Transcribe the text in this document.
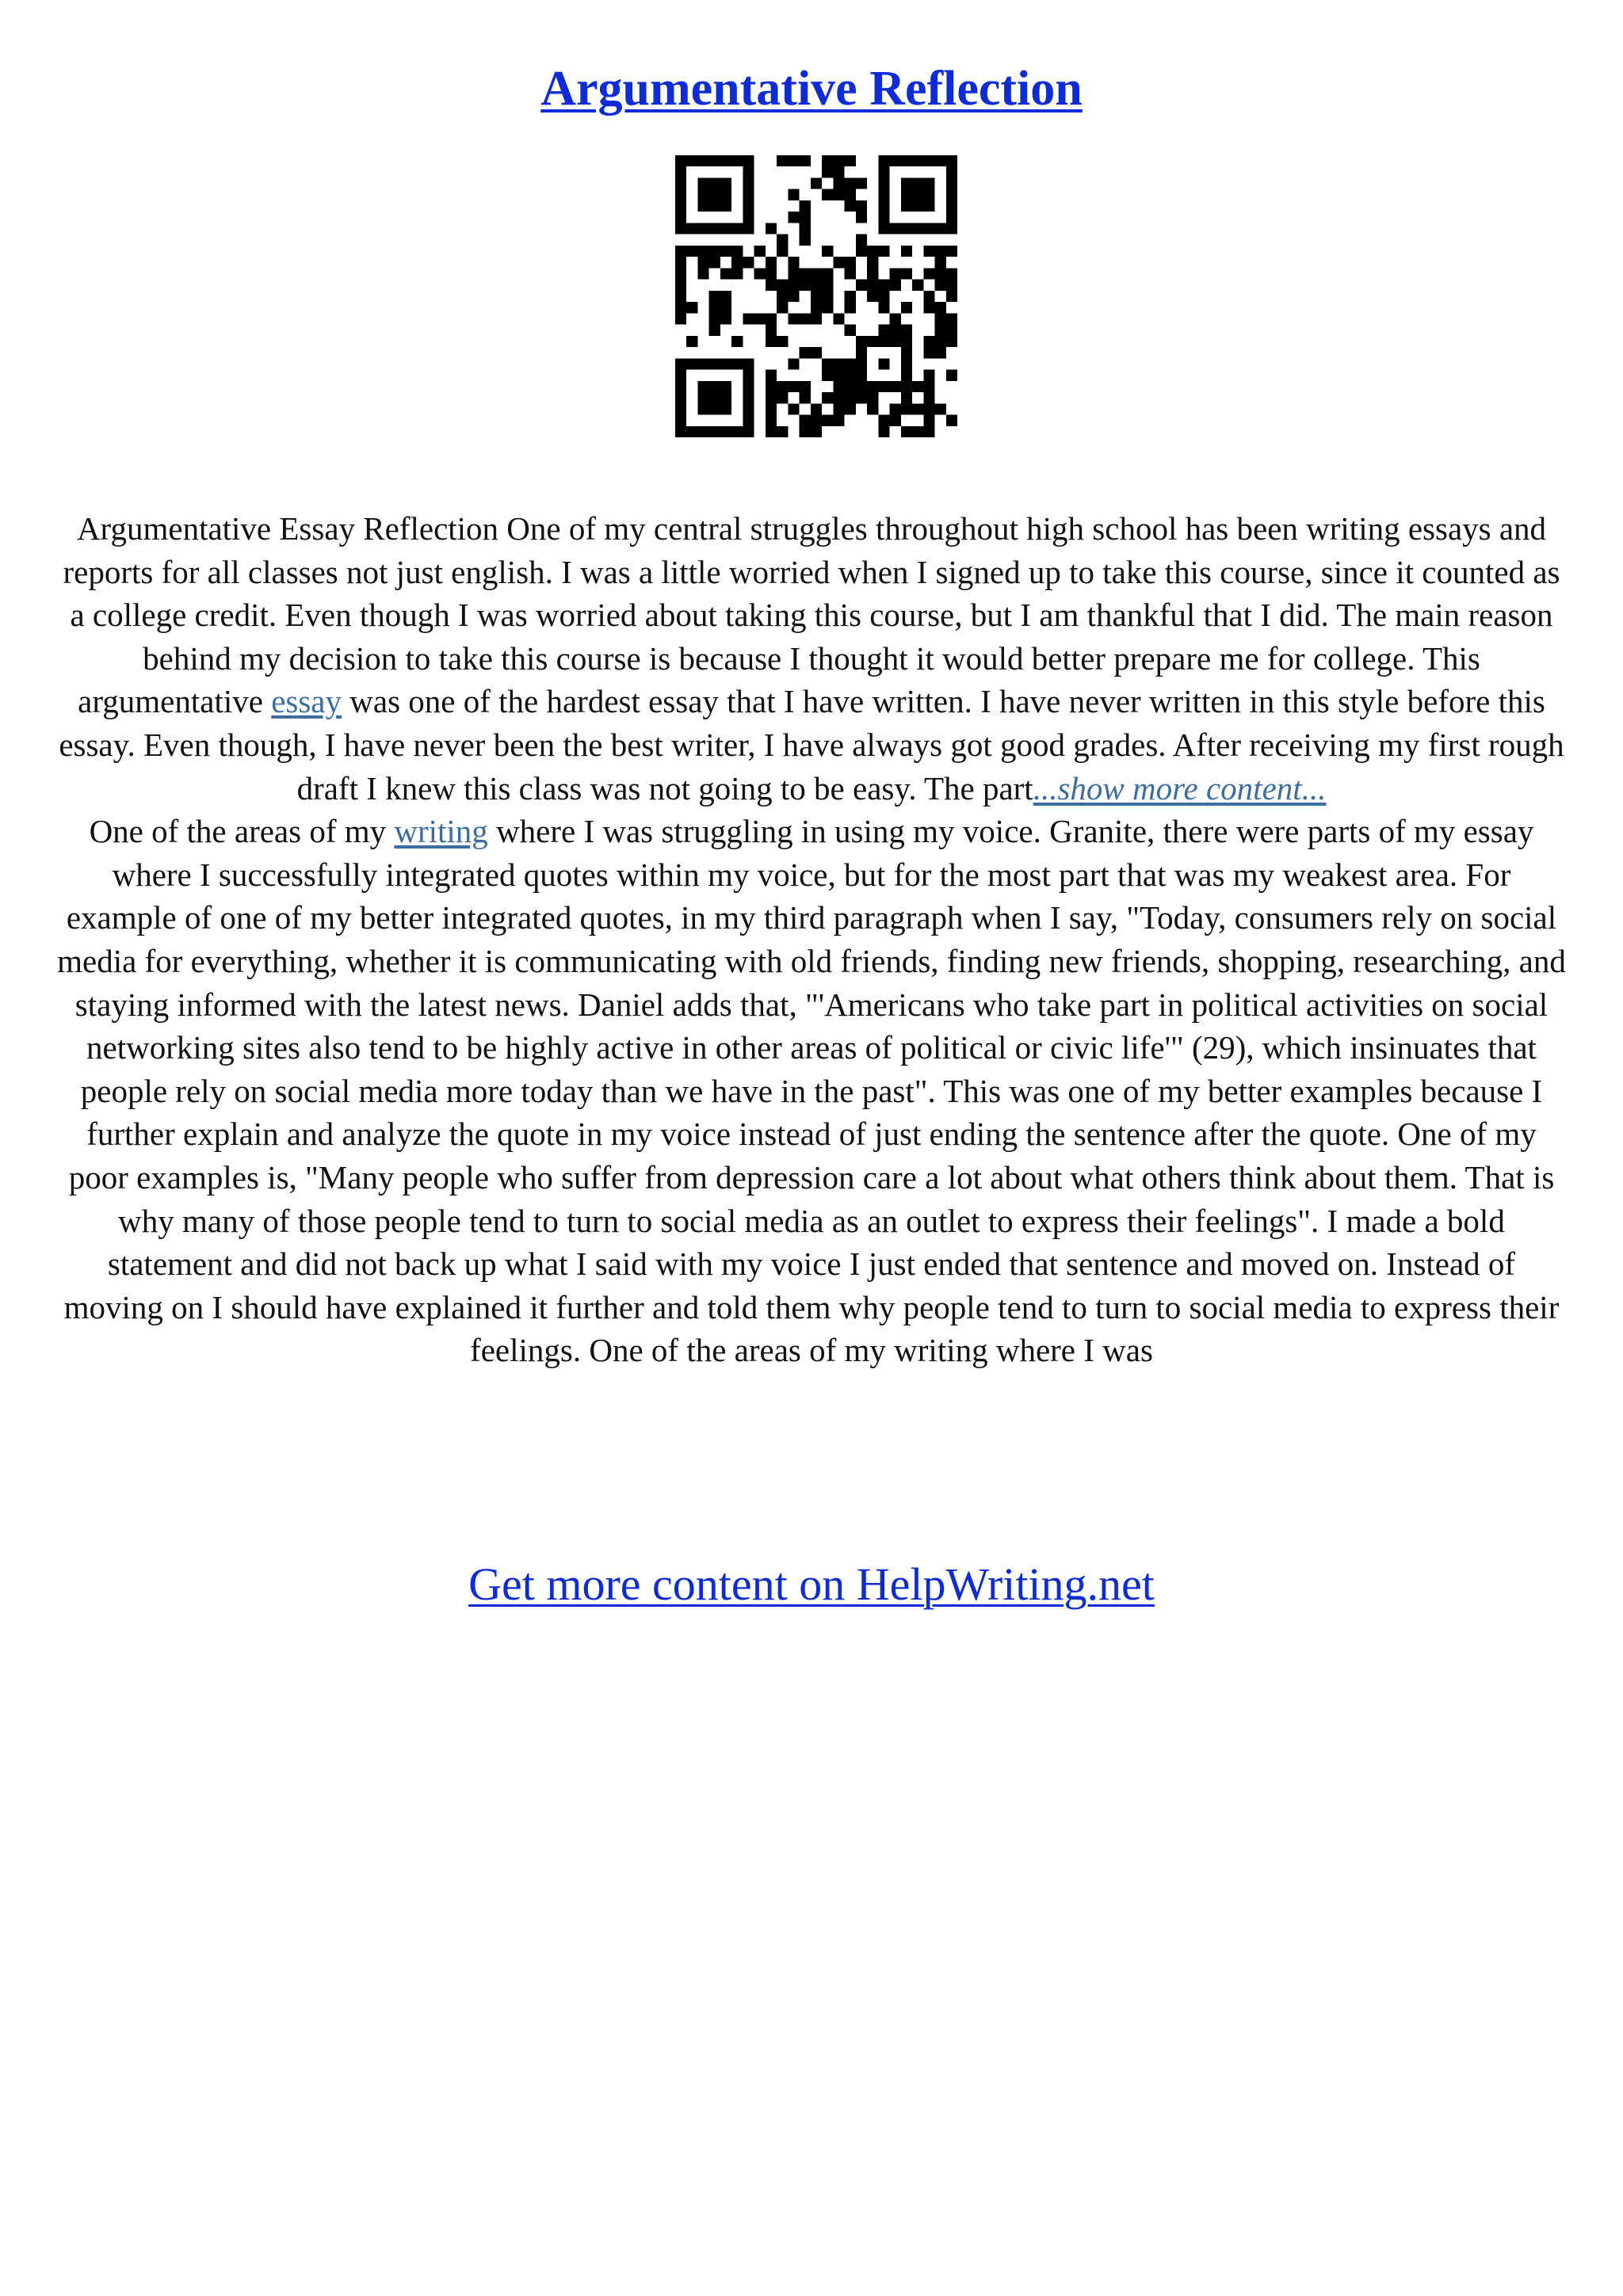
Argumentative Reflection
Argumentative Essay Reflection One of my central struggles throughout high school has been writing essays and reports for all classes not just english. I was a little worried when I signed up to take this course, since it counted as a college credit. Even though I was worried about taking this course, but I am thankful that I did. The main reason behind my decision to take this course is because I thought it would better prepare me for college. This argumentative essay was one of the hardest essay that I have written. I have never written in this style before this essay. Even though, I have never been the best writer, I have always got good grades. After receiving my first rough draft I knew this class was not going to be easy. The part...show more content...
One of the areas of my writing where I was struggling in using my voice. Granite, there were parts of my essay where I successfully integrated quotes within my voice, but for the most part that was my weakest area. For example of one of my better integrated quotes, in my third paragraph when I say, "Today, consumers rely on social media for everything, whether it is communicating with old friends, finding new friends, shopping, researching, and staying informed with the latest news. Daniel adds that, "'Americans who take part in political activities on social networking sites also tend to be highly active in other areas of political or civic life'" (29), which insinuates that people rely on social media more today than we have in the past". This was one of my better examples because I further explain and analyze the quote in my voice instead of just ending the sentence after the quote. One of my poor examples is, "Many people who suffer from depression care a lot about what others think about them. That is why many of those people tend to turn to social media as an outlet to express their feelings". I made a bold statement and did not back up what I said with my voice I just ended that sentence and moved on. Instead of moving on I should have explained it further and told them why people tend to turn to social media to express their feelings. One of the areas of my writing where I was
Get more content on HelpWriting.net
